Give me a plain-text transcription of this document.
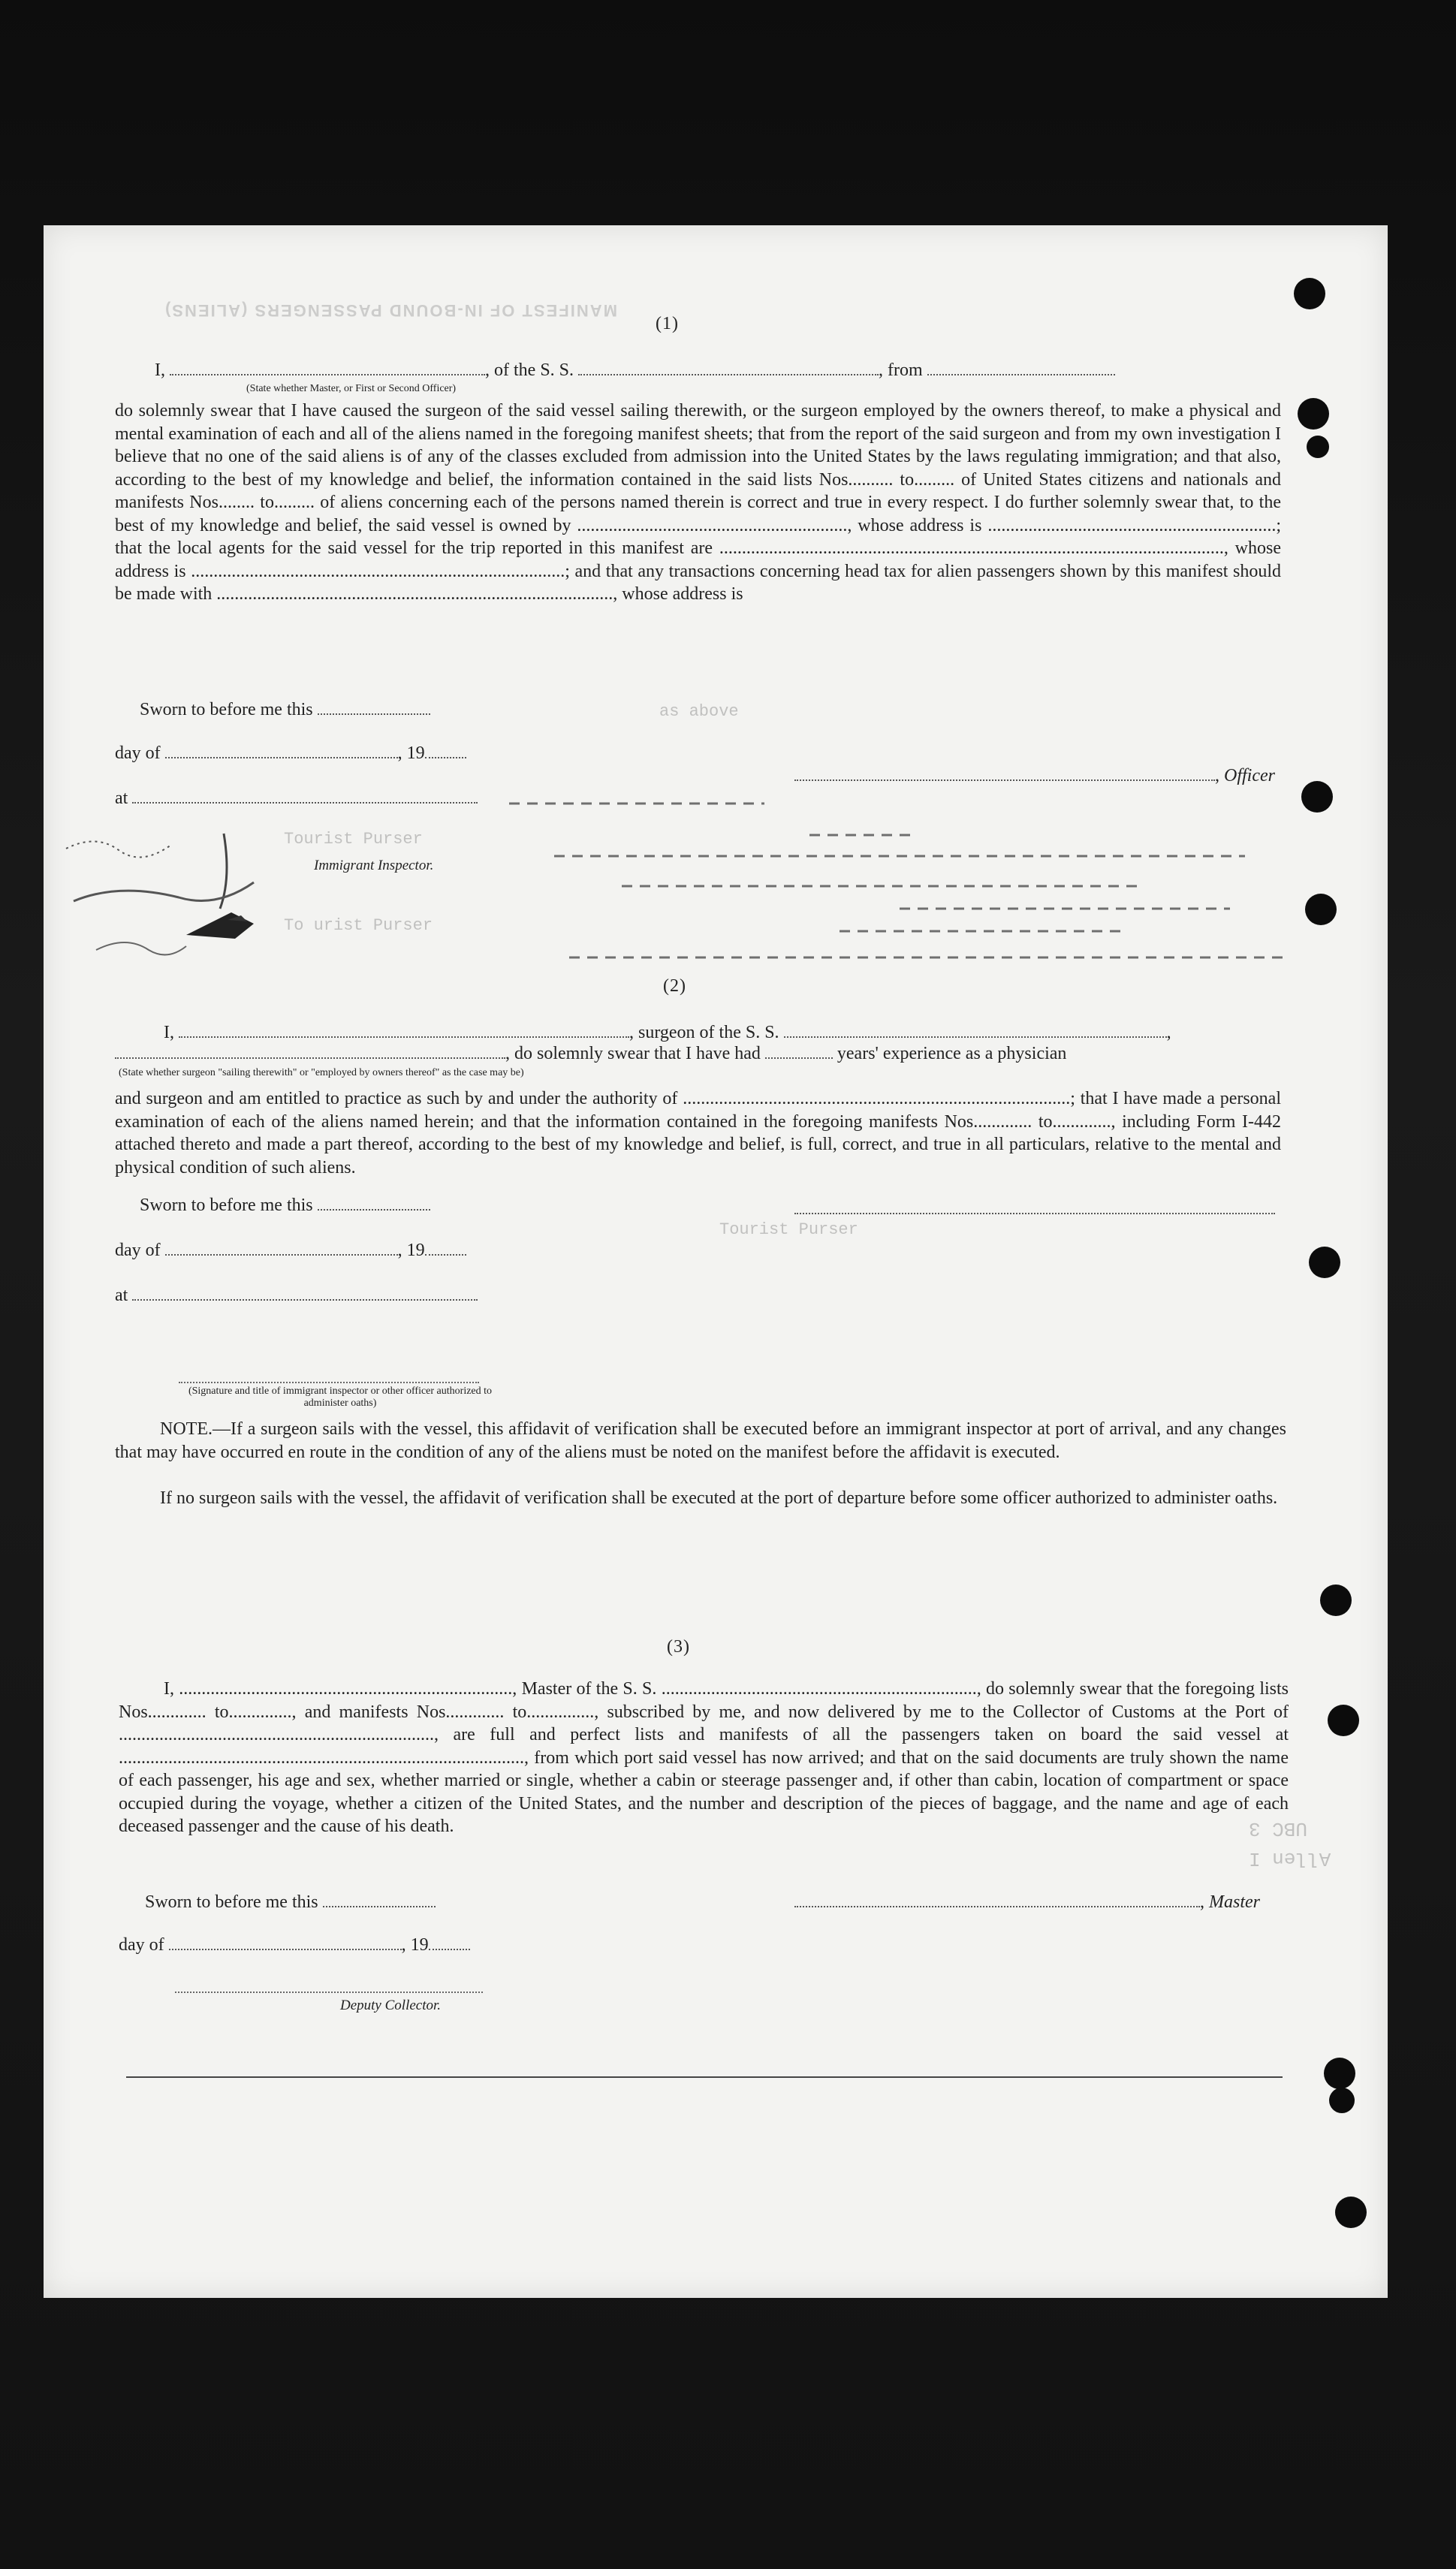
MANIFEST OF IN-BOUND PASSENGERS (ALIENS)
as above
Tourist Purser
To urist Purser
Tourist Purser
(1)
I,	, of the S. S.	, from
(State whether Master, or First or Second Officer)
do solemnly swear that I have caused the surgeon of the said vessel sailing therewith, or the surgeon employed by the owners thereof, to make a physical and mental examination of each and all of the aliens named in the foregoing manifest sheets; that from the report of the said surgeon and from my own investigation I believe that no one of the said aliens is of any of the classes excluded from admission into the United States by the laws regulating immigration; and that also, according to the best of my knowledge and belief, the information contained in the said lists Nos.......... to......... of United States citizens and nationals and manifests Nos........ to......... of aliens concerning each of the persons named therein is correct and true in every respect. I do further solemnly swear that, to the best of my knowledge and belief, the said vessel is owned by ............................................................, whose address is ................................................................; that the local agents for the said vessel for the trip reported in this manifest are ................................................................................................................, whose address is ...................................................................................; and that any transactions concerning head tax for alien passengers shown by this manifest should be made with ........................................................................................, whose address is
Sworn to before me this
day of	, 19
at
, Officer
Immigrant Inspector.
(2)
I,	, surgeon of the S. S.	,
, do solemnly swear that I have had	years' experience as a physician
(State whether surgeon "sailing therewith" or "employed by owners thereof" as the case may be)
and surgeon and am entitled to practice as such by and under the authority of ......................................................................................; that I have made a personal examination of each of the aliens named herein; and that the information contained in the foregoing manifests Nos............. to............., including Form I-442 attached thereto and made a part thereof, according to the best of my knowledge and belief, is full, correct, and true in all particulars, relative to the mental and physical condition of such aliens.
Sworn to before me this
day of	, 19
at
(Signature and title of immigrant inspector or other officer authorized to administer oaths)
NOTE.—If a surgeon sails with the vessel, this affidavit of verification shall be executed before an immigrant inspector at port of arrival, and any changes that may have occurred en route in the condition of any of the aliens must be noted on the manifest before the affidavit is executed.
If no surgeon sails with the vessel, the affidavit of verification shall be executed at the port of departure before some officer authorized to administer oaths.
(3)
I, .........................................................................., Master of the S. S. ......................................................................, do solemnly swear that the foregoing lists Nos............. to.............., and manifests Nos............. to..............., subscribed by me, and now delivered by me to the Collector of Customs at the Port of ......................................................................, are full and perfect lists and manifests of all the passengers taken on board the said vessel at .........................................................................................., from which port said vessel has now arrived; and that on the said documents are truly shown the name of each passenger, his age and sex, whether married or single, whether a cabin or steerage passenger and, if other than cabin, location of compartment or space occupied during the voyage, whether a citizen of the United States, and the number and description of the pieces of baggage, and the name and age of each deceased passenger and the cause of his death.
Sworn to before me this	, Master
day of	, 19
Deputy Collector.
UBC 3
Allen I
